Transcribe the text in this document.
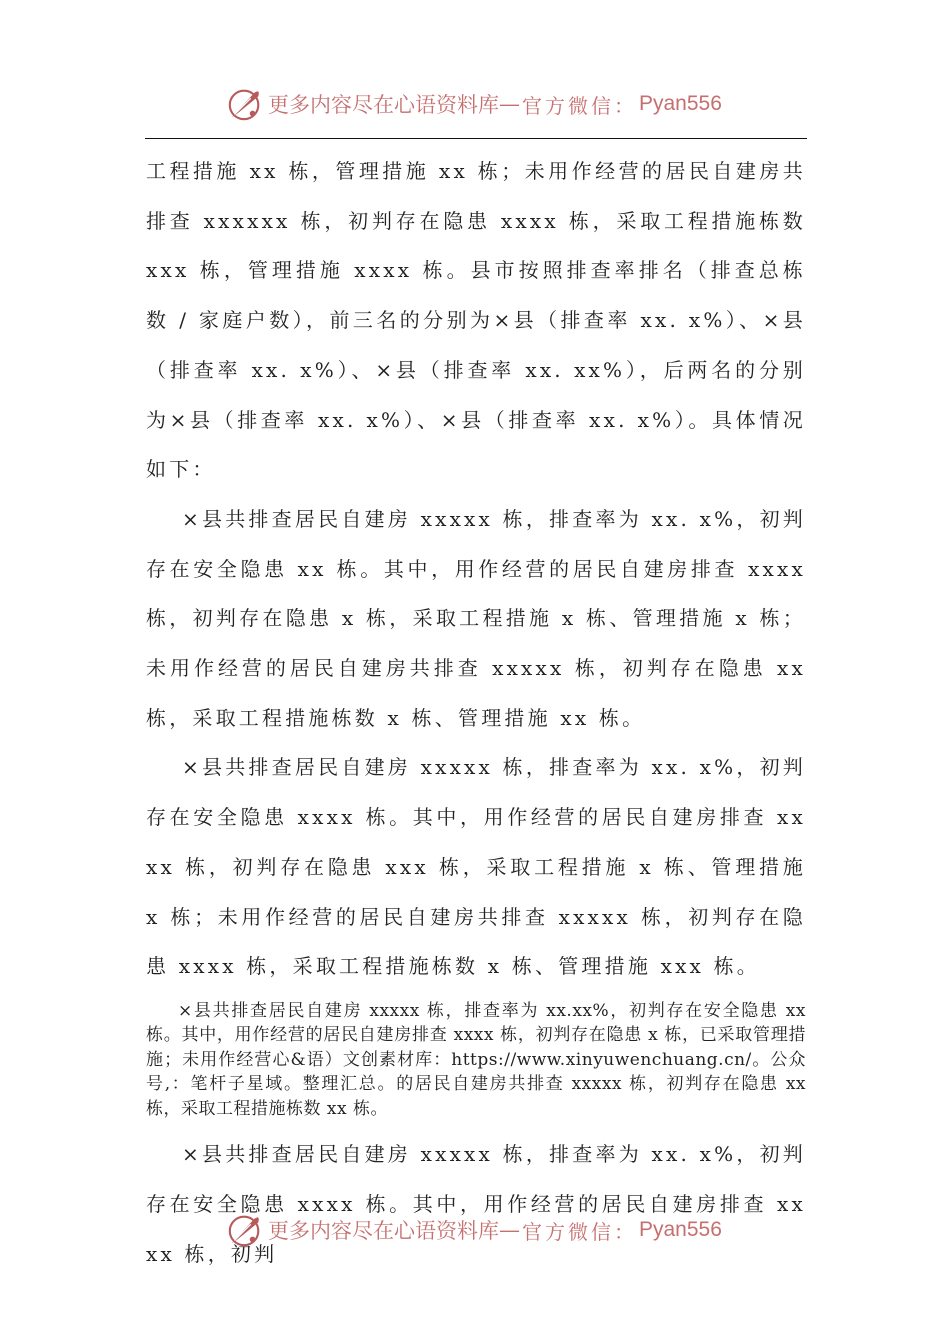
更多内容尽在心语资料库 — 官方微信： Pyan556

工程措施 xx 栋，管理措施 xx 栋；未用作经营的居民自建房共排查 xxxxxx 栋，初判存在隐患 xxxx 栋，采取工程措施栋数 xxx 栋，管理措施 xxxx 栋。县市按照排查率排名（排查总栋数 / 家庭户数），前三名的分别为×县（排查率 xx. x%）、×县（排查率 xx. x%）、×县（排查率 xx. xx%），后两名的分别为×县（排查率 xx. x%）、×县（排查率 xx. x%）。具体情况如下：

×县共排查居民自建房 xxxxx 栋，排查率为 xx. x%，初判存在安全隐患 xx 栋。其中，用作经营的居民自建房排查 xxxx 栋，初判存在隐患 x 栋，采取工程措施 x 栋、管理措施 x 栋；未用作经营的居民自建房共排查 xxxxx 栋，初判存在隐患 xx 栋，采取工程措施栋数 x 栋、管理措施 xx 栋。

×县共排查居民自建房 xxxxx 栋，排查率为 xx. x%，初判存在安全隐患 xxxx 栋。其中，用作经营的居民自建房排查 xxxx 栋，初判存在隐患 xxx 栋，采取工程措施 x 栋、管理措施 x 栋；未用作经营的居民自建房共排查 xxxxx 栋，初判存在隐患 xxxx 栋，采取工程措施栋数 x 栋、管理措施 xxx 栋。

×县共排查居民自建房 xxxxx 栋，排查率为 xx.xx%，初判存在安全隐患 xx 栋。其中，用作经营的居民自建房排查 xxxx 栋，初判存在隐患 x 栋，已采取管理措施；未用作经营心&语）文创素材库：https://www.xinyuwenchuang.cn/。公众号,：笔杆子星域。整理汇总。的居民自建房共排查 xxxxx 栋，初判存在隐患 xx 栋，采取工程措施栋数 xx 栋。

×县共排查居民自建房 xxxxx 栋，排查率为 xx. x%，初判存在安全隐患 xxxx 栋。其中，用作经营的居民自建房排查 xxxx 栋，初判

更多内容尽在心语资料库 — 官方微信： Pyan556
